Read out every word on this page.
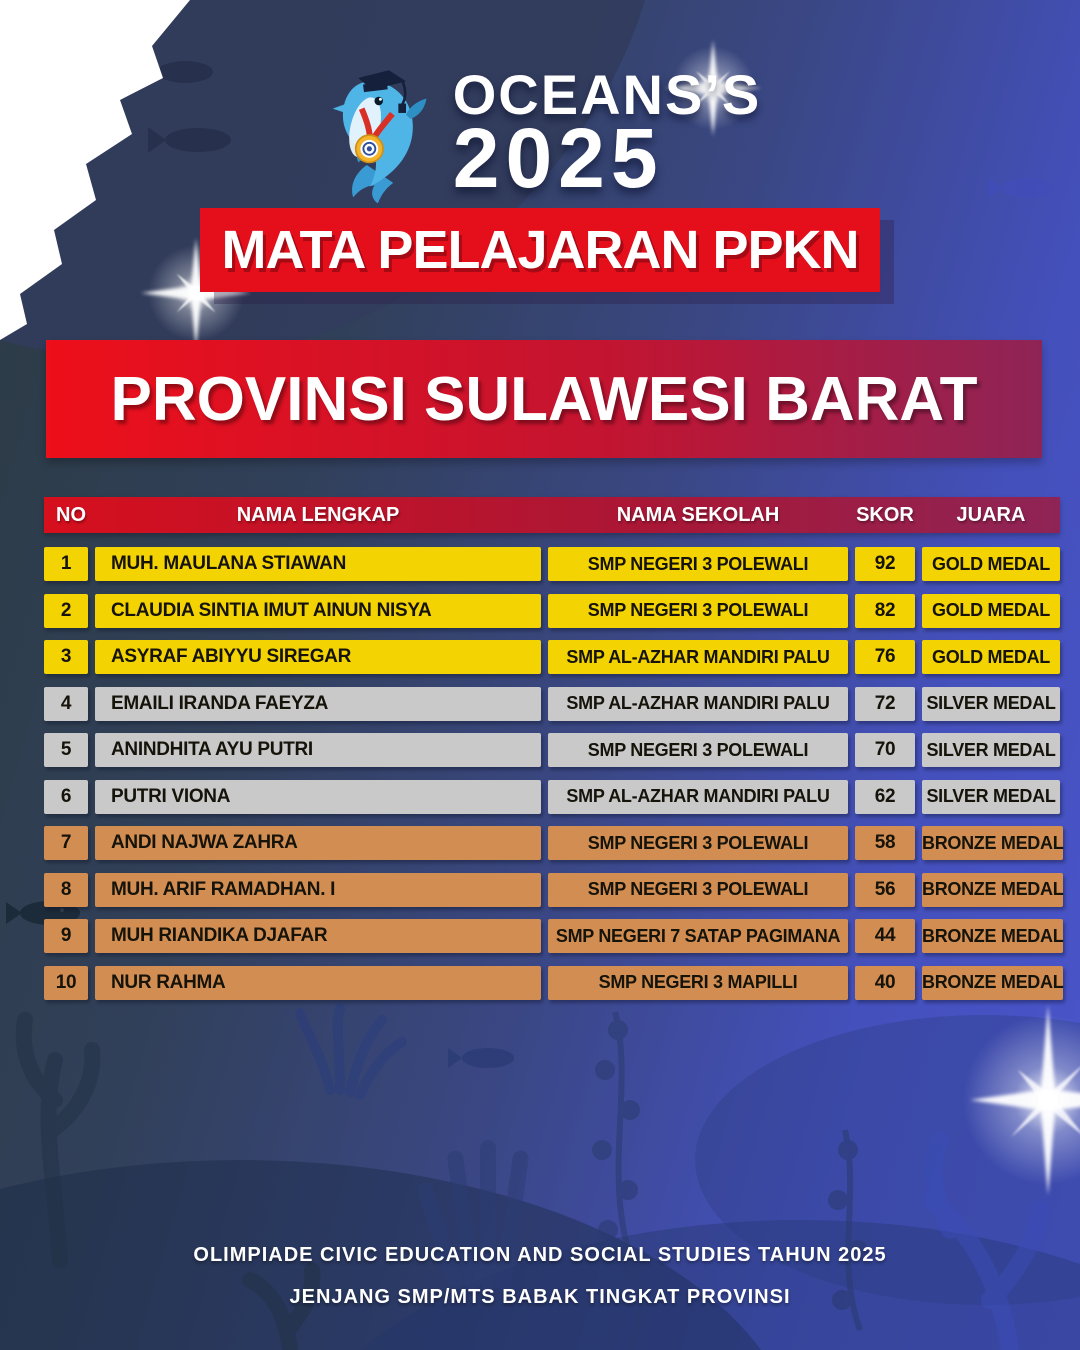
OCEANS’S
2025
MATA PELAJARAN PPKN
PROVINSI SULAWESI BARAT
NO	NAMA LENGKAP	NAMA SEKOLAH	SKOR	JUARA
1	MUH. MAULANA STIAWAN	SMP NEGERI 3 POLEWALI	92	GOLD MEDAL
2	CLAUDIA SINTIA IMUT AINUN NISYA	SMP NEGERI 3 POLEWALI	82	GOLD MEDAL
3	ASYRAF ABIYYU SIREGAR	SMP AL-AZHAR MANDIRI PALU	76	GOLD MEDAL
4	EMAILI IRANDA FAEYZA	SMP AL-AZHAR MANDIRI PALU	72	SILVER MEDAL
5	ANINDHITA AYU PUTRI	SMP NEGERI 3 POLEWALI	70	SILVER MEDAL
6	PUTRI VIONA	SMP AL-AZHAR MANDIRI PALU	62	SILVER MEDAL
7	ANDI NAJWA ZAHRA	SMP NEGERI 3 POLEWALI	58	BRONZE MEDAL
8	MUH. ARIF RAMADHAN. I	SMP NEGERI 3 POLEWALI	56	BRONZE MEDAL
9	MUH RIANDIKA DJAFAR	SMP NEGERI 7 SATAP PAGIMANA	44	BRONZE MEDAL
10	NUR RAHMA	SMP NEGERI 3 MAPILLI	40	BRONZE MEDAL
OLIMPIADE CIVIC EDUCATION AND SOCIAL STUDIES TAHUN 2025
JENJANG SMP/MTS BABAK TINGKAT PROVINSI
